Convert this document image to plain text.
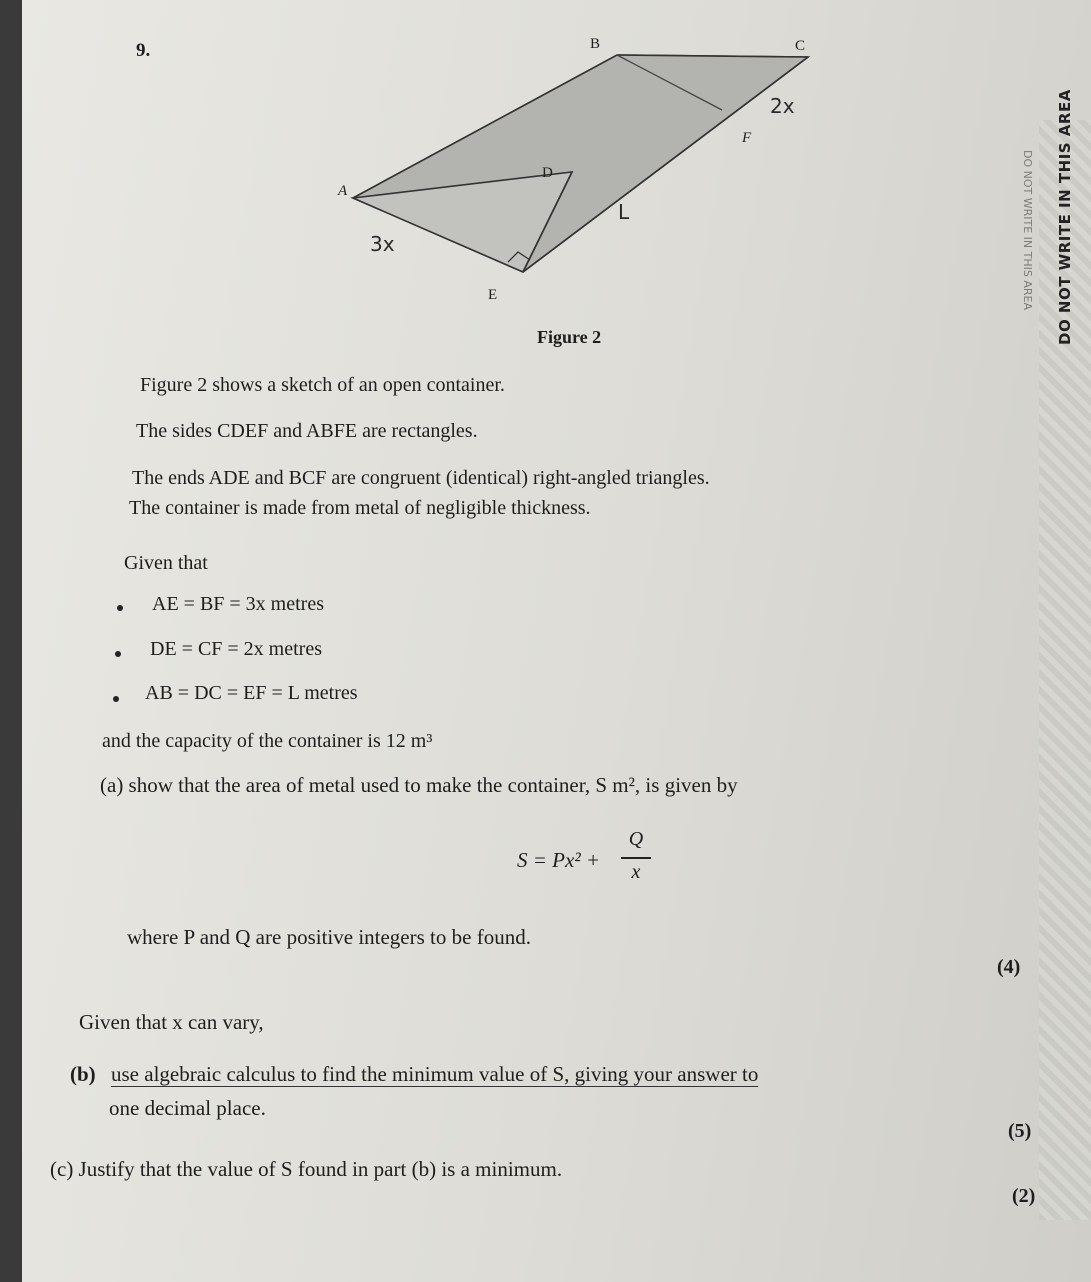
9.	B	C
A
D
E
F
2x
L
3x
Figure 2
Figure 2 shows a sketch of an open container.
The sides CDEF and ABFE are rectangles.
The ends ADE and BCF are congruent (identical) right-angled triangles.
The container is made from metal of negligible thickness.
Given that
AE = BF = 3x metres
DE = CF = 2x metres
AB = DC = EF = L metres
and the capacity of the container is 12 m³
(a) show that the area of metal used to make the container, S m², is given by
S = Px² +
Q
x
where P and Q are positive integers to be found.
(4)
Given that x can vary,
(b) use algebraic calculus to find the minimum value of S, giving your answer to
one decimal place.
(5)
(c) Justify that the value of S found in part (b) is a minimum.
(2)
DO NOT WRITE IN THIS AREA
DO NOT WRITE IN THIS AREA
